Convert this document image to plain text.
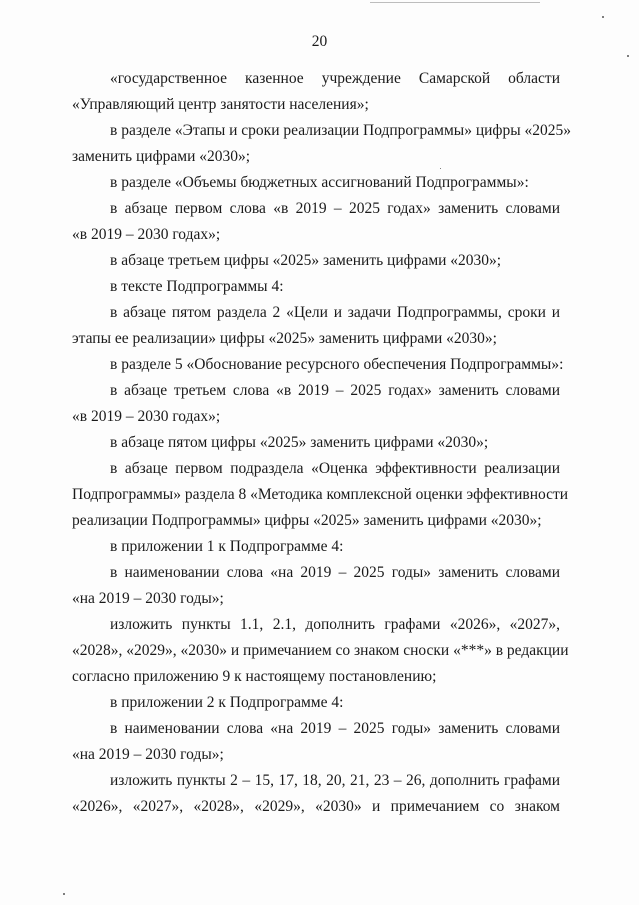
20
«государственное казенное учреждение Самарской области
«Управляющий центр занятости населения»;
в разделе «Этапы и сроки реализации Подпрограммы» цифры «2025»
заменить цифрами «2030»;
в разделе «Объемы бюджетных ассигнований Подпрограммы»:
в абзаце первом слова «в 2019 – 2025 годах» заменить словами
«в 2019 – 2030 годах»;
в абзаце третьем цифры «2025» заменить цифрами «2030»;
в тексте Подпрограммы 4:
в абзаце пятом раздела 2 «Цели и задачи Подпрограммы, сроки и
этапы ее реализации» цифры «2025» заменить цифрами «2030»;
в разделе 5 «Обоснование ресурсного обеспечения Подпрограммы»:
в абзаце третьем слова «в 2019 – 2025 годах» заменить словами
«в 2019 – 2030 годах»;
в абзаце пятом цифры «2025» заменить цифрами «2030»;
в абзаце первом подраздела «Оценка эффективности реализации
Подпрограммы» раздела 8 «Методика комплексной оценки эффективности
реализации Подпрограммы» цифры «2025» заменить цифрами «2030»;
в приложении 1 к Подпрограмме 4:
в наименовании слова «на 2019 – 2025 годы» заменить словами
«на 2019 – 2030 годы»;
изложить пункты 1.1, 2.1, дополнить графами «2026», «2027»,
«2028», «2029», «2030» и примечанием со знаком сноски «***» в редакции
согласно приложению 9 к настоящему постановлению;
в приложении 2 к Подпрограмме 4:
в наименовании слова «на 2019 – 2025 годы» заменить словами
«на 2019 – 2030 годы»;
изложить пункты 2 – 15, 17, 18, 20, 21, 23 – 26, дополнить графами
«2026», «2027», «2028», «2029», «2030» и примечанием со знаком
